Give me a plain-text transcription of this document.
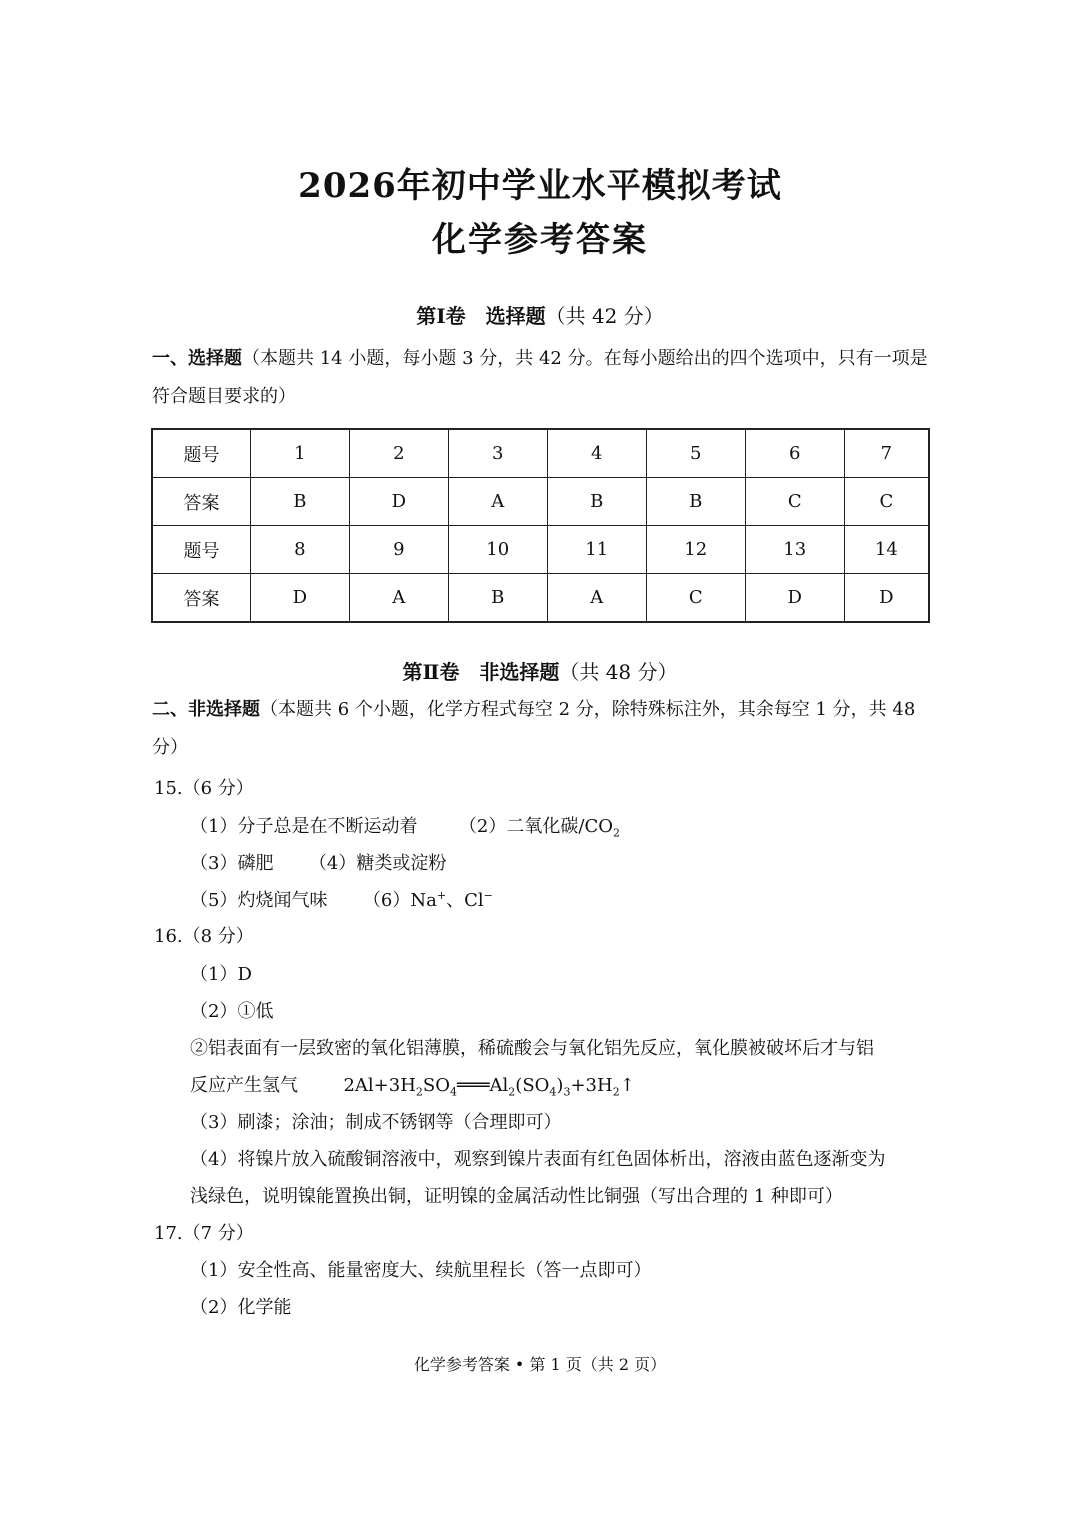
2026年初中学业水平模拟考试
化学参考答案
第Ⅰ卷　选择题（共 42 分）
一、选择题（本题共 14 小题，每小题 3 分，共 42 分。在每小题给出的四个选项中，只有一项是符合题目要求的）
题号	1	2	3	4	5	6	7
答案	B	D	A	B	B	C	C
题号	8	9	10	11	12	13	14
答案	D	A	B	A	C	D	D
第Ⅱ卷　非选择题（共 48 分）
二、非选择题（本题共 6 个小题，化学方程式每空 2 分，除特殊标注外，其余每空 1 分，共 48 分）
15.（6 分）
（1）分子总是在不断运动着 （2）二氧化碳$/CO_2$
（3）磷肥 （4）糖类或淀粉
（5）灼烧闻气味 （6）Na+、Cl−
16.（8 分）
（1）D
（2）①低
②铝表面有一层致密的氧化铝薄膜，稀硫酸会与氧化铝先反应，氧化膜被破坏后才与铝
反应产生氢气	$2Al+3H_2SO_4═══Al_2(SO_4)_3+3H_2↑$
（3）刷漆；涂油；制成不锈钢等（合理即可）
（4）将镍片放入硫酸铜溶液中，观察到镍片表面有红色固体析出，溶液由蓝色逐渐变为
浅绿色，说明镍能置换出铜，证明镍的金属活动性比铜强（写出合理的 1 种即可）
17.（7 分）
（1）安全性高、能量密度大、续航里程长（答一点即可）
（2）化学能
化学参考答案 • 第 1 页（共 2 页）
